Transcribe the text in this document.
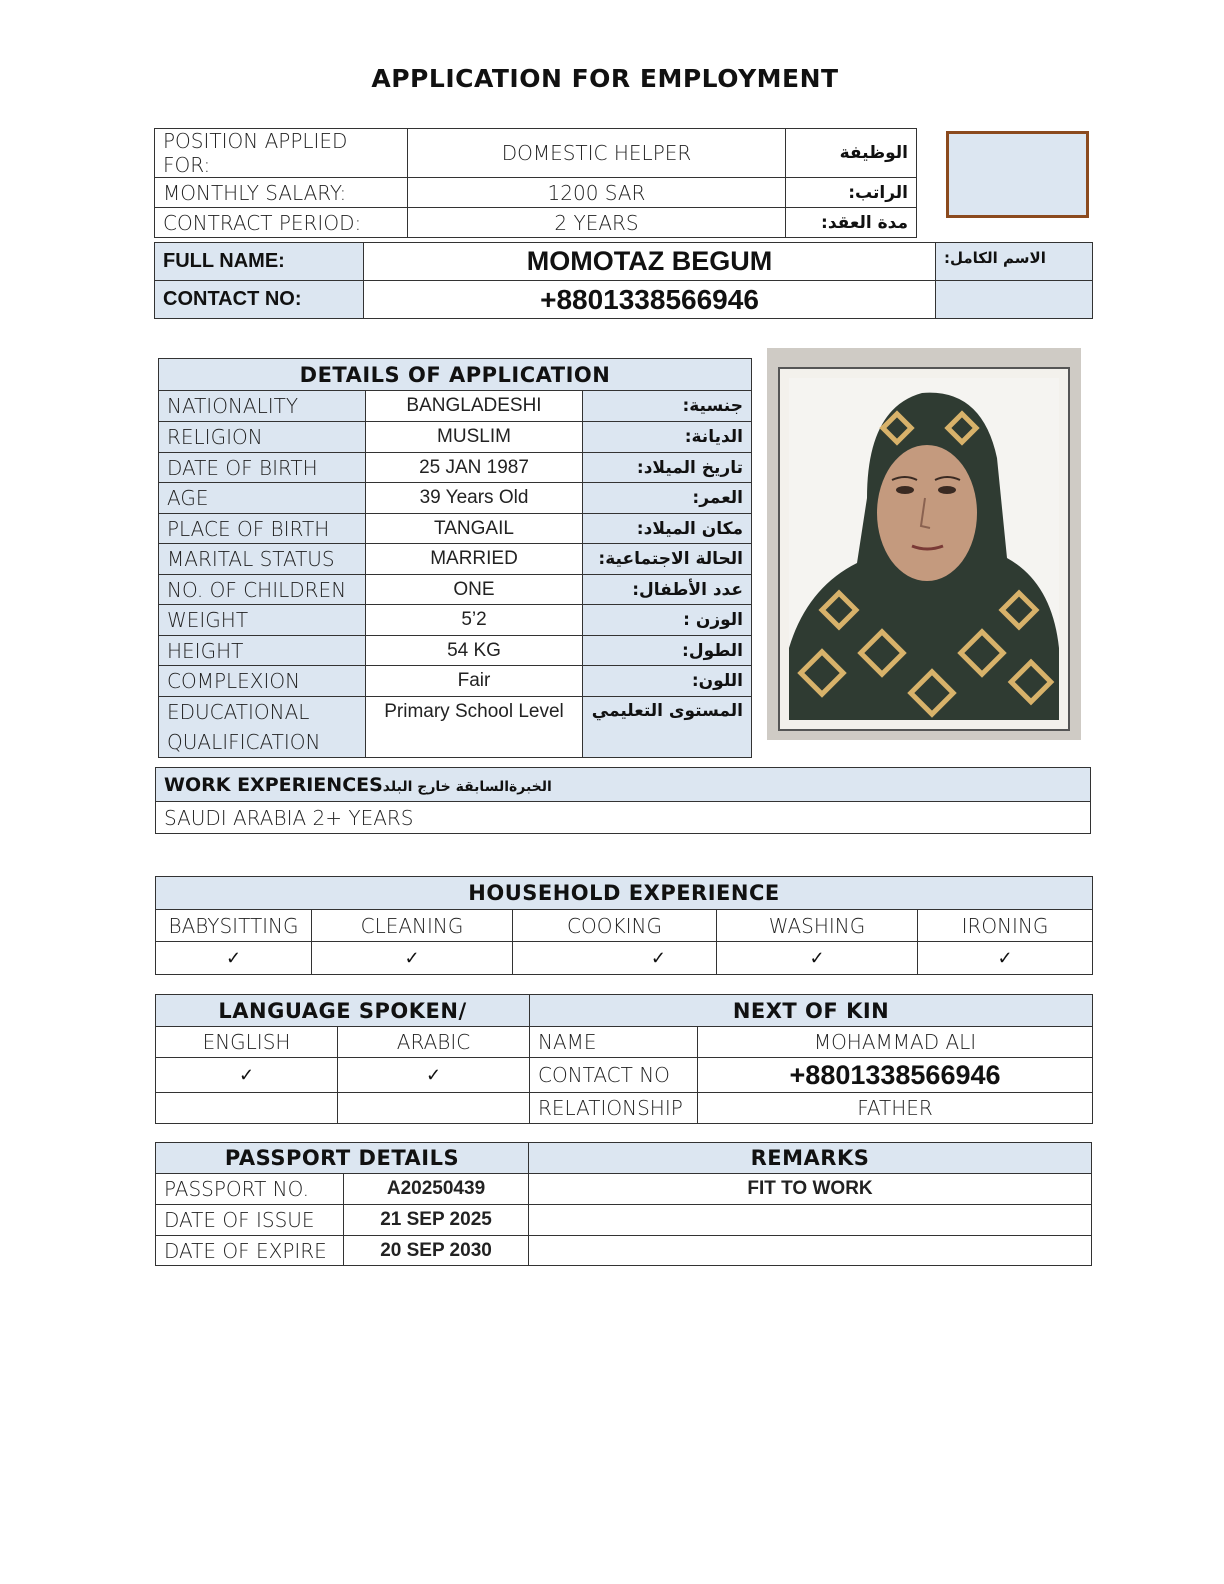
APPLICATION FOR EMPLOYMENT
POSITION APPLIED FOR:	DOMESTIC HELPER	الوظيفة
MONTHLY SALARY:	1200 SAR	الراتب:
CONTRACT PERIOD:	2 YEARS	مدة العقد:
FULL NAME:	MOMOTAZ BEGUM	الاسم الكامل:
CONTACT NO:	+8801338566946	
DETAILS OF APPLICATION		
NATIONALITY	BANGLADESHI	جنسية:
RELIGION	MUSLIM	الديانة:
DATE OF BIRTH	25 JAN 1987	تاريخ الميلاد:
AGE	39 Years Old	العمر:
PLACE OF BIRTH	TANGAIL	مكان الميلاد:
MARITAL STATUS	MARRIED	الحالة الاجتماعية:
NO. OF CHILDREN	ONE	عدد الأطفال:
WEIGHT	5’2	الوزن :
HEIGHT	54 KG	الطول:
COMPLEXION	Fair	اللون:
EDUCATIONAL QUALIFICATION	Primary School Level	المستوى التعليمي
WORK EXPERIENCESالخبرةالسابقة خارج البلد
SAUDI ARABIA 2+ YEARS
HOUSEHOLD EXPERIENCE				
BABYSITTING	CLEANING	COOKING	WASHING	IRONING
✓	✓	✓	✓	✓
LANGUAGE SPOKEN/		NEXT OF KIN	
ENGLISH	ARABIC	NAME	MOHAMMAD ALI
✓	✓	CONTACT NO	+8801338566946
		RELATIONSHIP	FATHER
PASSPORT DETAILS		REMARKS
PASSPORT NO.	A20250439	FIT TO WORK
DATE OF ISSUE	21 SEP 2025	
DATE OF EXPIRE	20 SEP 2030	
